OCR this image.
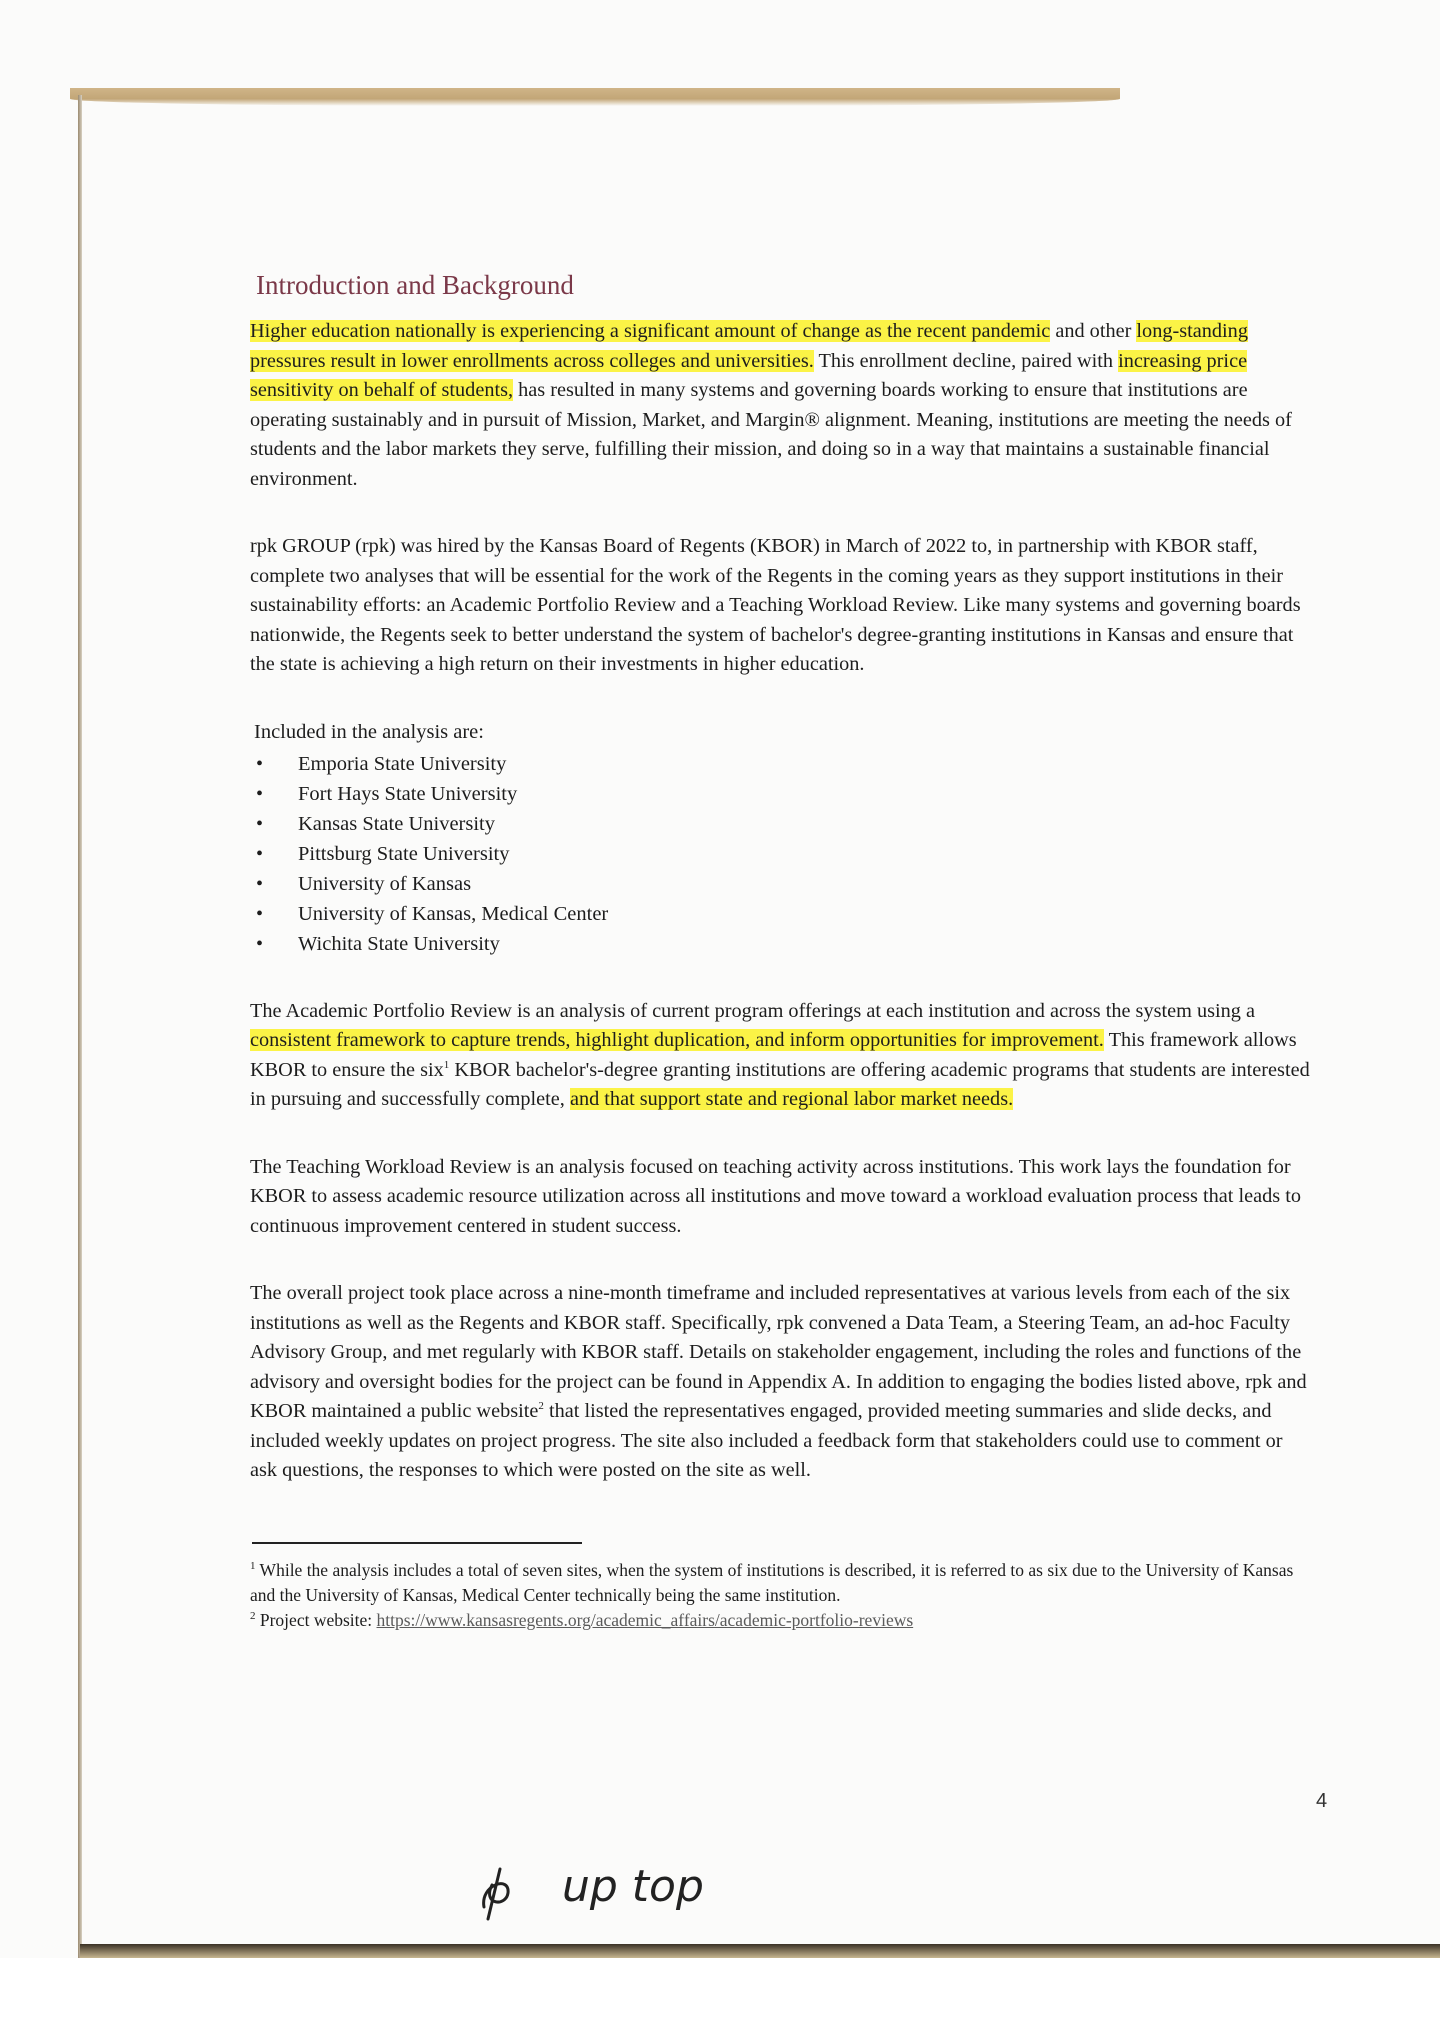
Introduction and Background

Higher education nationally is experiencing a significant amount of change as the recent pandemic and other long-standing pressures result in lower enrollments across colleges and universities. This enrollment decline, paired with increasing price sensitivity on behalf of students, has resulted in many systems and governing boards working to ensure that institutions are operating sustainably and in pursuit of Mission, Market, and Margin® alignment. Meaning, institutions are meeting the needs of students and the labor markets they serve, fulfilling their mission, and doing so in a way that maintains a sustainable financial environment.

rpk GROUP (rpk) was hired by the Kansas Board of Regents (KBOR) in March of 2022 to, in partnership with KBOR staff, complete two analyses that will be essential for the work of the Regents in the coming years as they support institutions in their sustainability efforts: an Academic Portfolio Review and a Teaching Workload Review. Like many systems and governing boards nationwide, the Regents seek to better understand the system of bachelor's degree-granting institutions in Kansas and ensure that the state is achieving a high return on their investments in higher education.

Included in the analysis are:
• Emporia State University
• Fort Hays State University
• Kansas State University
• Pittsburg State University
• University of Kansas
• University of Kansas, Medical Center
• Wichita State University

The Academic Portfolio Review is an analysis of current program offerings at each institution and across the system using a consistent framework to capture trends, highlight duplication, and inform opportunities for improvement. This framework allows KBOR to ensure the six$^1$ KBOR bachelor's-degree granting institutions are offering academic programs that students are interested in pursuing and successfully complete, and that support state and regional labor market needs.

The Teaching Workload Review is an analysis focused on teaching activity across institutions. This work lays the foundation for KBOR to assess academic resource utilization across all institutions and move toward a workload evaluation process that leads to continuous improvement centered in student success.

The overall project took place across a nine-month timeframe and included representatives at various levels from each of the six institutions as well as the Regents and KBOR staff. Specifically, rpk convened a Data Team, a Steering Team, an ad-hoc Faculty Advisory Group, and met regularly with KBOR staff. Details on stakeholder engagement, including the roles and functions of the advisory and oversight bodies for the project can be found in Appendix A. In addition to engaging the bodies listed above, rpk and KBOR maintained a public website$^2$ that listed the representatives engaged, provided meeting summaries and slide decks, and included weekly updates on project progress. The site also included a feedback form that stakeholders could use to comment or ask questions, the responses to which were posted on the site as well.

$^1$ While the analysis includes a total of seven sites, when the system of institutions is described, it is referred to as six due to the University of Kansas and the University of Kansas, Medical Center technically being the same institution.

$^2$ Project website: https://www.kansasregents.org/academic_affairs/academic-portfolio-reviews

4
up top
